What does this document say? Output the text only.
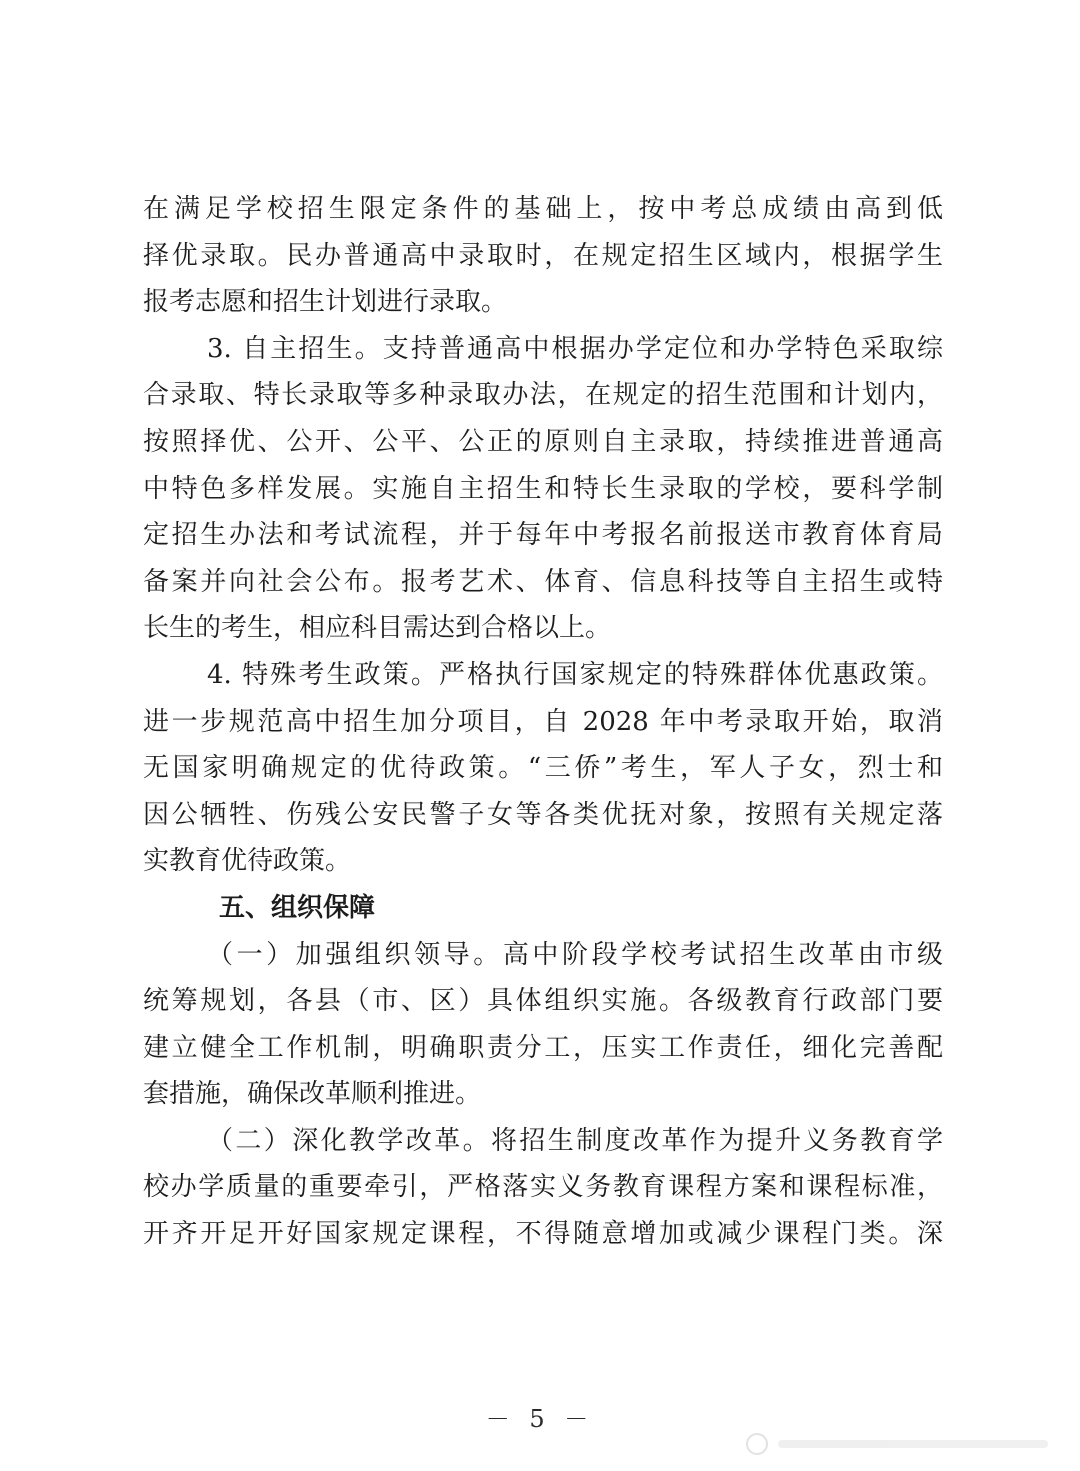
在满足学校招生限定条件的基础上，按中考总成绩由高到低
择优录取。民办普通高中录取时，在规定招生区域内，根据学生
报考志愿和招生计划进行录取。
3. 自主招生。支持普通高中根据办学定位和办学特色采取综
合录取、特长录取等多种录取办法，在规定的招生范围和计划内，
按照择优、公开、公平、公正的原则自主录取，持续推进普通高
中特色多样发展。实施自主招生和特长生录取的学校，要科学制
定招生办法和考试流程，并于每年中考报名前报送市教育体育局
备案并向社会公布。报考艺术、体育、信息科技等自主招生或特
长生的考生，相应科目需达到合格以上。
4. 特殊考生政策。严格执行国家规定的特殊群体优惠政策。
进一步规范高中招生加分项目，自 2028 年中考录取开始，取消
无国家明确规定的优待政策。“三侨”考生，军人子女，烈士和
因公牺牲、伤残公安民警子女等各类优抚对象，按照有关规定落
实教育优待政策。
五、组织保障
（一）加强组织领导。高中阶段学校考试招生改革由市级
统筹规划，各县（市、区）具体组织实施。各级教育行政部门要
建立健全工作机制，明确职责分工，压实工作责任，细化完善配
套措施，确保改革顺利推进。
（二）深化教学改革。将招生制度改革作为提升义务教育学
校办学质量的重要牵引，严格落实义务教育课程方案和课程标准，
开齐开足开好国家规定课程，不得随意增加或减少课程门类。深
－ 5 －
